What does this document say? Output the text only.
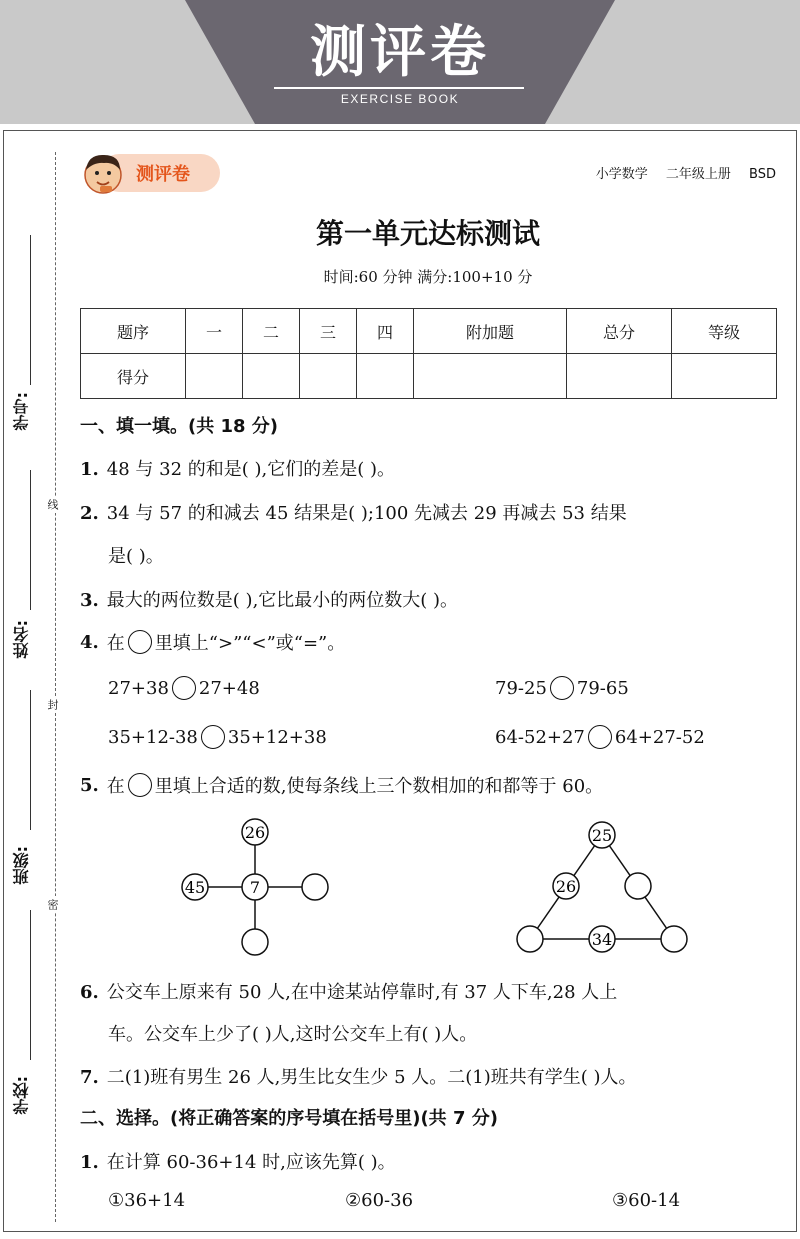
测评卷
EXERCISE BOOK
学号:
姓名:
班级:
学校:
线
封
密
测评卷	小学数学 二年级上册 BSD
第一单元达标测试
时间:60 分钟 满分:100+10 分
题序	一	二	三	四	附加题	总分	等级
得分							
一、填一填。(共 18 分)
1. 48 与 32 的和是( ),它们的差是( )。
2. 34 与 57 的和减去 45 结果是( );100 先减去 29 再减去 53 结果
是( )。
3. 最大的两位数是( ),它比最小的两位数大( )。
4. 在 里填上“>”“<”或“=”。
27+38 27+48	79-25 79-65
35+12-38 35+12+38	64-52+27 64+27-52
5. 在 里填上合适的数,使每条线上三个数相加的和都等于 60。
26
45	7
25
26
34
6. 公交车上原来有 50 人,在中途某站停靠时,有 37 人下车,28 人上
车。公交车上少了( )人,这时公交车上有( )人。
7. 二(1)班有男生 26 人,男生比女生少 5 人。二(1)班共有学生( )人。
二、选择。(将正确答案的序号填在括号里)(共 7 分)
1. 在计算 60-36+14 时,应该先算( )。
①36+14	②60-36	③60-14
